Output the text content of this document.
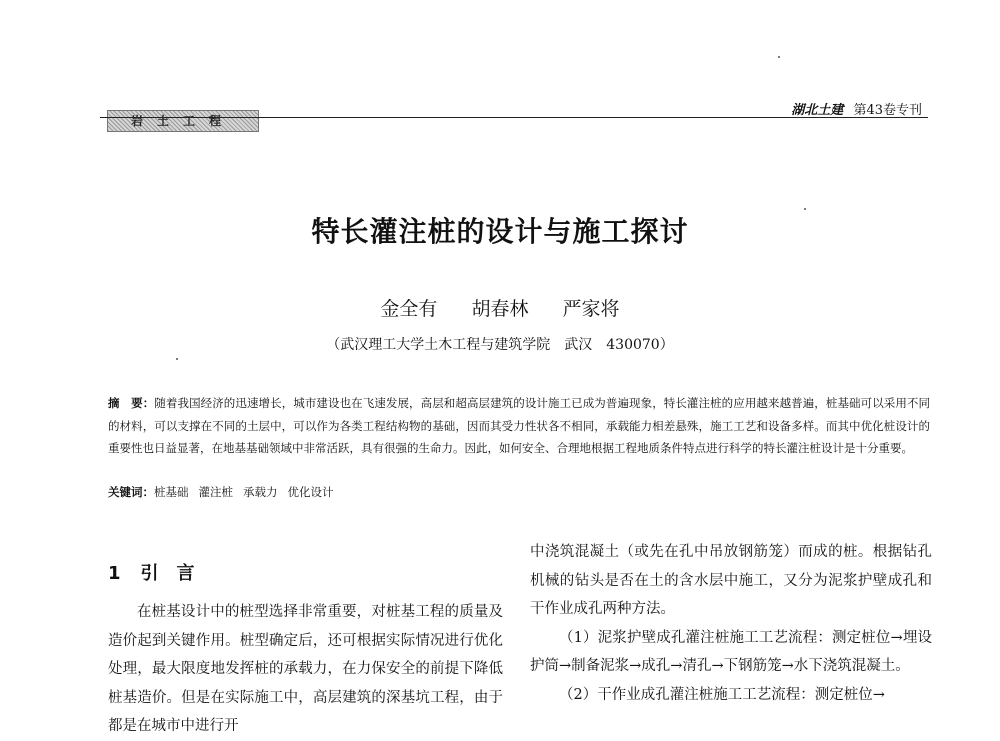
岩土工程
湖北土建 第43卷专刊
特长灌注桩的设计与施工探讨
金全有 胡春林 严家将
（武汉理工大学土木工程与建筑学院　武汉　430070）
摘　要：随着我国经济的迅速增长，城市建设也在飞速发展，高层和超高层建筑的设计施工已成为普遍现象，特长灌注桩的应用越来越普遍，桩基础可以采用不同的材料，可以支撑在不同的土层中，可以作为各类工程结构物的基础，因而其受力性状各不相同，承载能力相差悬殊，施工工艺和设备多样。而其中优化桩设计的重要性也日益显著，在地基基础领域中非常活跃，具有很强的生命力。因此，如何安全、合理地根据工程地质条件特点进行科学的特长灌注桩设计是十分重要。
关键词：桩基础 灌注桩 承载力 优化设计
1 引　言

在桩基设计中的桩型选择非常重要，对桩基工程的质量及造价起到关键作用。桩型确定后，还可根据实际情况进行优化处理，最大限度地发挥桩的承载力，在力保安全的前提下降低桩基造价。但是在实际施工中，高层建筑的深基坑工程，由于都是在城市中进行开

中浇筑混凝土（或先在孔中吊放钢筋笼）而成的桩。根据钻孔机械的钻头是否在土的含水层中施工，又分为泥浆护壁成孔和干作业成孔两种方法。

（1）泥浆护壁成孔灌注桩施工工艺流程：测定桩位→埋设护筒→制备泥浆→成孔→清孔→下钢筋笼→水下浇筑混凝土。

（2）干作业成孔灌注桩施工工艺流程：测定桩位→
